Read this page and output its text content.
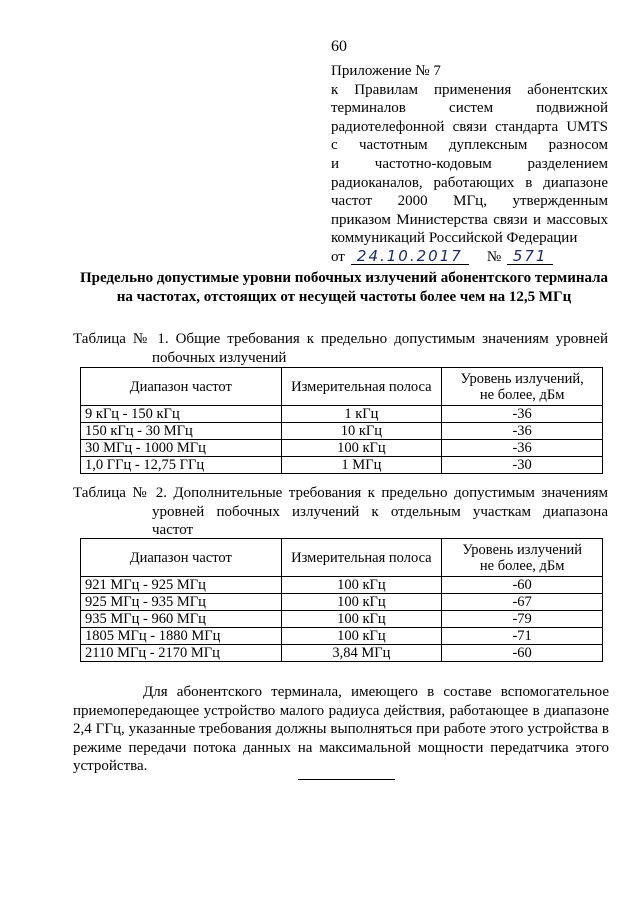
60
Приложение № 7
к Правилам применения абонентских
терминалов систем подвижной
радиотелефонной связи стандарта UMTS
с частотным дуплексным разносом
и частотно-кодовым разделением
радиоканалов, работающих в диапазоне
частот 2000 МГц, утвержденным
приказом Министерства связи и массовых
коммуникаций Российской Федерации
от 24.10.2017	№ 571
Предельно допустимые уровни побочных излучений абонентского терминала
на частотах, отстоящих от несущей частоты более чем на 12,5 МГц
Таблица № 1. Общие требования к предельно допустимым значениям уровней
побочных излучений
Диапазон частот	Измерительная полоса	Уровень излучений,
не более, дБм

9 кГц - 150 кГц	1 кГц	-36
150 кГц - 30 МГц	10 кГц	-36
30 МГц - 1000 МГц	100 кГц	-36
1,0 ГГц - 12,75 ГГц	1 МГц	-30
Таблица № 2. Дополнительные требования к предельно допустимым значениям
уровней побочных излучений к отдельным участкам диапазона
частот
Диапазон частот	Измерительная полоса	Уровень излучений
не более, дБм

921 МГц - 925 МГц	100 кГц	-60
925 МГц - 935 МГц	100 кГц	-67
935 МГц - 960 МГц	100 кГц	-79
1805 МГц - 1880 МГц	100 кГц	-71
2110 МГц - 2170 МГц	3,84 МГц	-60
Для абонентского терминала, имеющего в составе вспомогательное приемопередающее устройство малого радиуса действия, работающее в диапазоне 2,4 ГГц, указанные требования должны выполняться при работе этого устройства в режиме передачи потока данных на максимальной мощности передатчика этого устройства.
